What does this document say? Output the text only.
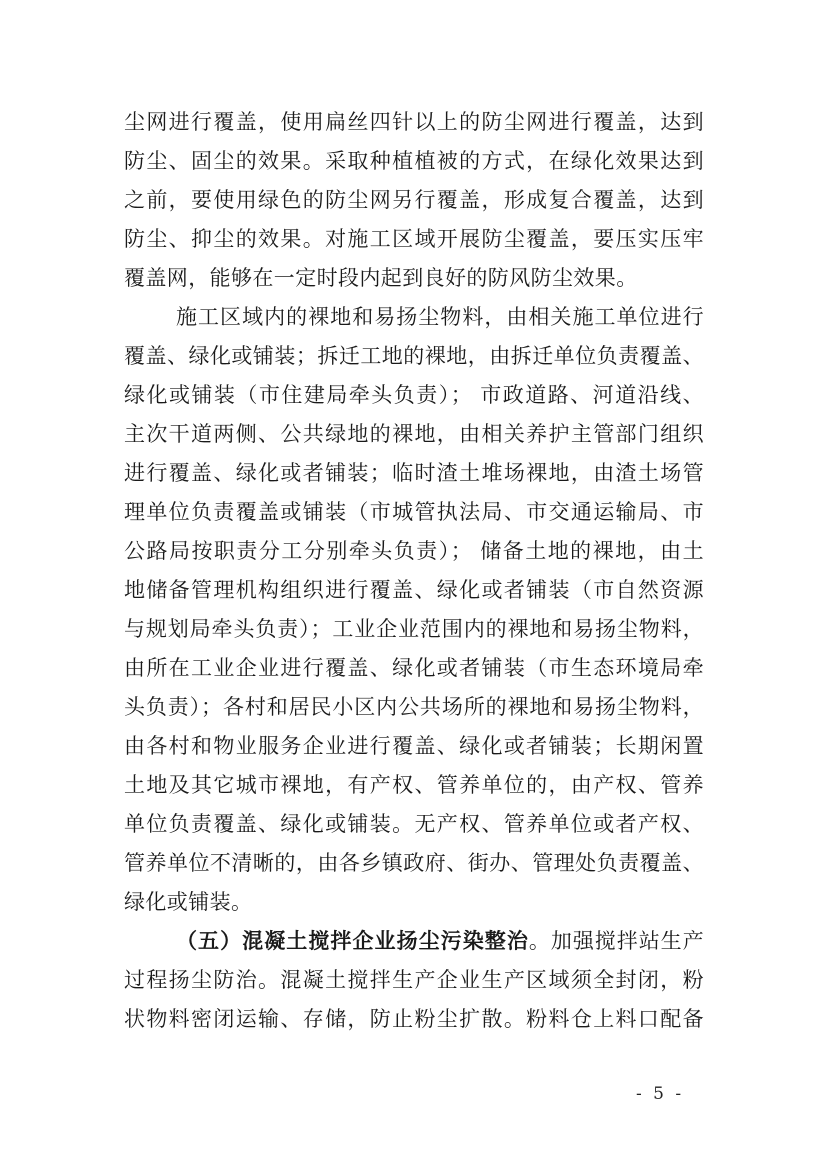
尘网进行覆盖，使用扁丝四针以上的防尘网进行覆盖，达到
防尘、固尘的效果。采取种植植被的方式，在绿化效果达到
之前，要使用绿色的防尘网另行覆盖，形成复合覆盖，达到
防尘、抑尘的效果。对施工区域开展防尘覆盖，要压实压牢
覆盖网，能够在一定时段内起到良好的防风防尘效果。
施工区域内的裸地和易扬尘物料，由相关施工单位进行
覆盖、绿化或铺装；拆迁工地的裸地，由拆迁单位负责覆盖、
绿化或铺装（市住建局牵头负责）； 市政道路、河道沿线、
主次干道两侧、公共绿地的裸地，由相关养护主管部门组织
进行覆盖、绿化或者铺装；临时渣土堆场裸地，由渣土场管
理单位负责覆盖或铺装（市城管执法局、市交通运输局、市
公路局按职责分工分别牵头负责）； 储备土地的裸地，由土
地储备管理机构组织进行覆盖、绿化或者铺装（市自然资源
与规划局牵头负责）；工业企业范围内的裸地和易扬尘物料，
由所在工业企业进行覆盖、绿化或者铺装（市生态环境局牵
头负责）；各村和居民小区内公共场所的裸地和易扬尘物料，
由各村和物业服务企业进行覆盖、绿化或者铺装；长期闲置
土地及其它城市裸地，有产权、管养单位的，由产权、管养
单位负责覆盖、绿化或铺装。无产权、管养单位或者产权、
管养单位不清晰的，由各乡镇政府、街办、管理处负责覆盖、
绿化或铺装。
（五）混凝土搅拌企业扬尘污染整治。加强搅拌站生产
过程扬尘防治。混凝土搅拌生产企业生产区域须全封闭，粉
状物料密闭运输、存储，防止粉尘扩散。粉料仓上料口配备
- 5 -
